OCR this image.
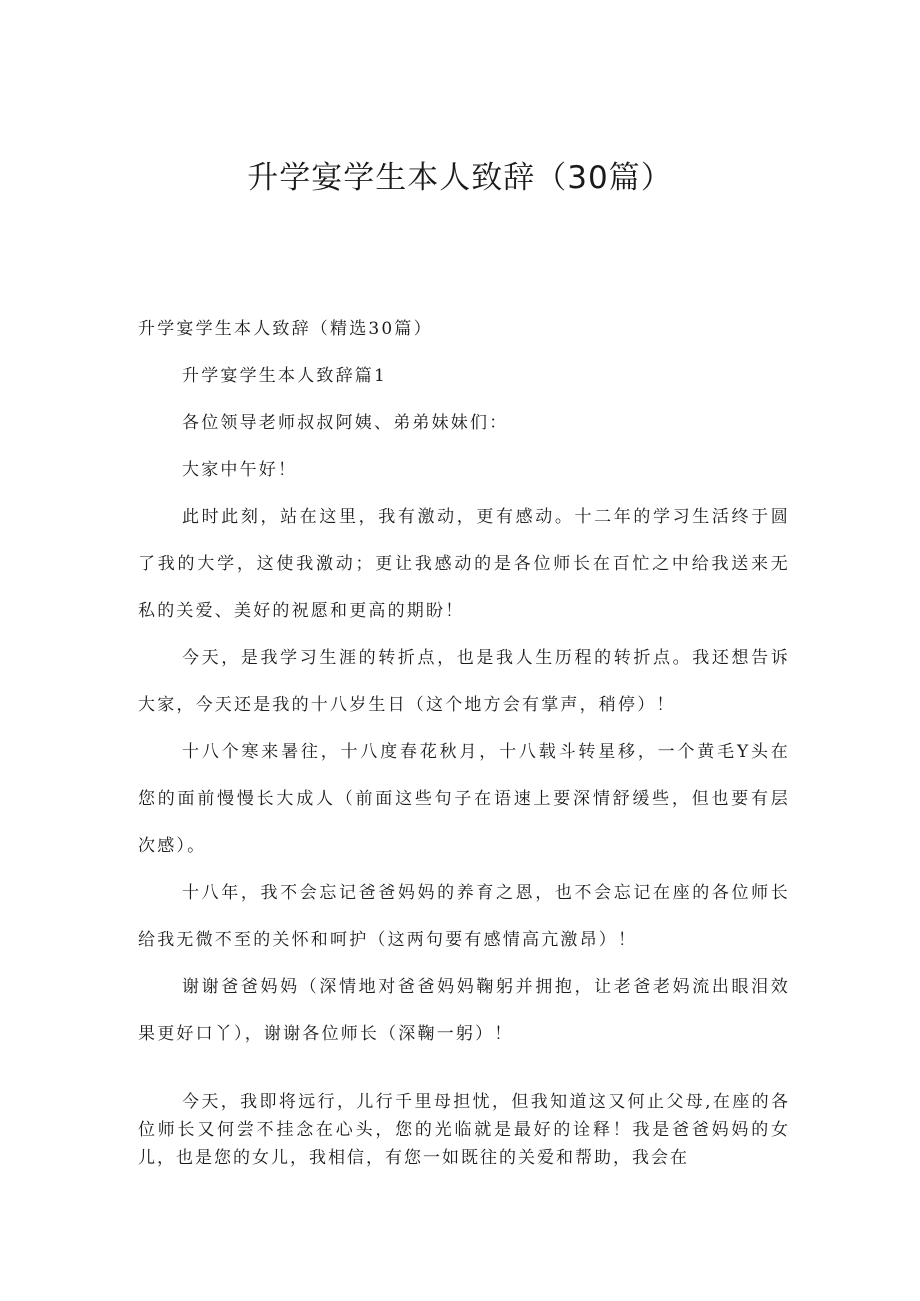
升学宴学生本人致辞（30篇）

升学宴学生本人致辞（精选30篇）

升学宴学生本人致辞篇1

各位领导老师叔叔阿姨、弟弟妹妹们：

大家中午好！

此时此刻，站在这里，我有激动，更有感动。十二年的学习生活终于圆了我的大学，这使我激动；更让我感动的是各位师长在百忙之中给我送来无私的关爱、美好的祝愿和更高的期盼！

今天，是我学习生涯的转折点，也是我人生历程的转折点。我还想告诉大家，今天还是我的十八岁生日（这个地方会有掌声，稍停）！

十八个寒来暑往，十八度春花秋月，十八载斗转星移，一个黄毛Y头在您的面前慢慢长大成人（前面这些句子在语速上要深情舒缓些，但也要有层次感）。

十八年，我不会忘记爸爸妈妈的养育之恩，也不会忘记在座的各位师长给我无微不至的关怀和呵护（这两句要有感情高亢激昂）！

谢谢爸爸妈妈（深情地对爸爸妈妈鞠躬并拥抱，让老爸老妈流出眼泪效果更好口丫），谢谢各位师长（深鞠一躬）！

今天，我即将远行，儿行千里母担忧，但我知道这又何止父母,在座的各位师长又何尝不挂念在心头，您的光临就是最好的诠释！我是爸爸妈妈的女儿，也是您的女儿，我相信，有您一如既往的关爱和帮助，我会在
